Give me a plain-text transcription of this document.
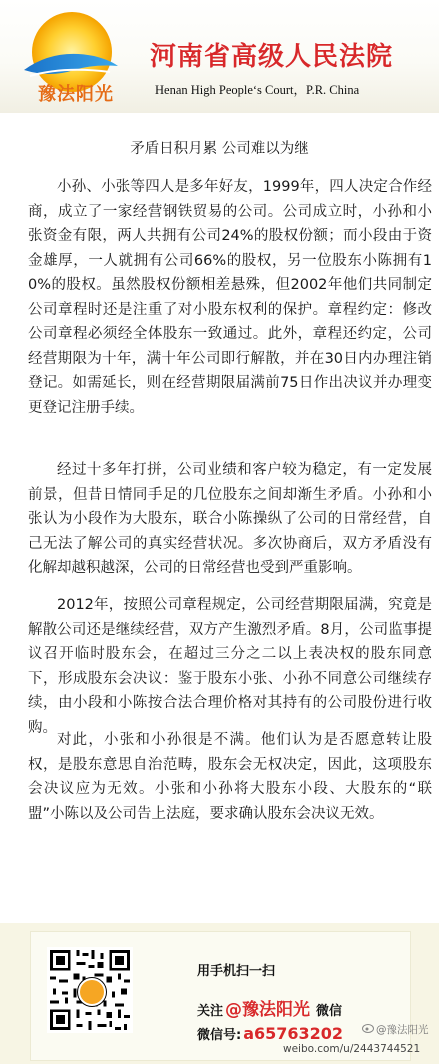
豫法阳光
河南省高级人民法院
Henan High People‘s Court，P.R. China
矛盾日积月累 公司难以为继
小孙、小张等四人是多年好友，1999年，四人决定合作经商，成立了一家经营钢铁贸易的公司。公司成立时，小孙和小张资金有限，两人共拥有公司24%的股权份额；而小段由于资金雄厚，一人就拥有公司66%的股权，另一位股东小陈拥有10%的股权。虽然股权份额相差悬殊，但2002年他们共同制定公司章程时还是注重了对小股东权利的保护。章程约定：修改公司章程必须经全体股东一致通过。此外，章程还约定，公司经营期限为十年，满十年公司即行解散，并在30日内办理注销登记。如需延长，则在经营期限届满前75日作出决议并办理变更登记注册手续。
经过十多年打拼，公司业绩和客户较为稳定，有一定发展前景，但昔日情同手足的几位股东之间却渐生矛盾。小孙和小张认为小段作为大股东，联合小陈操纵了公司的日常经营，自己无法了解公司的真实经营状况。多次协商后，双方矛盾没有化解却越积越深，公司的日常经营也受到严重影响。
2012年，按照公司章程规定，公司经营期限届满，究竟是解散公司还是继续经营，双方产生激烈矛盾。8月，公司监事提议召开临时股东会，在超过三分之二以上表决权的股东同意下，形成股东会决议：鉴于股东小张、小孙不同意公司继续存续，由小段和小陈按合法合理价格对其持有的公司股份进行收购。
对此，小张和小孙很是不满。他们认为是否愿意转让股权，是股东意思自治范畴，股东会无权决定，因此，这项股东会决议应为无效。小张和小孙将大股东小段、大股东的“联盟”小陈以及公司告上法庭，要求确认股东会决议无效。
用手机扫一扫
关注 @豫法阳光 微信
微信号: a65763202	@豫法阳光
weibo.com/u/2443744521
